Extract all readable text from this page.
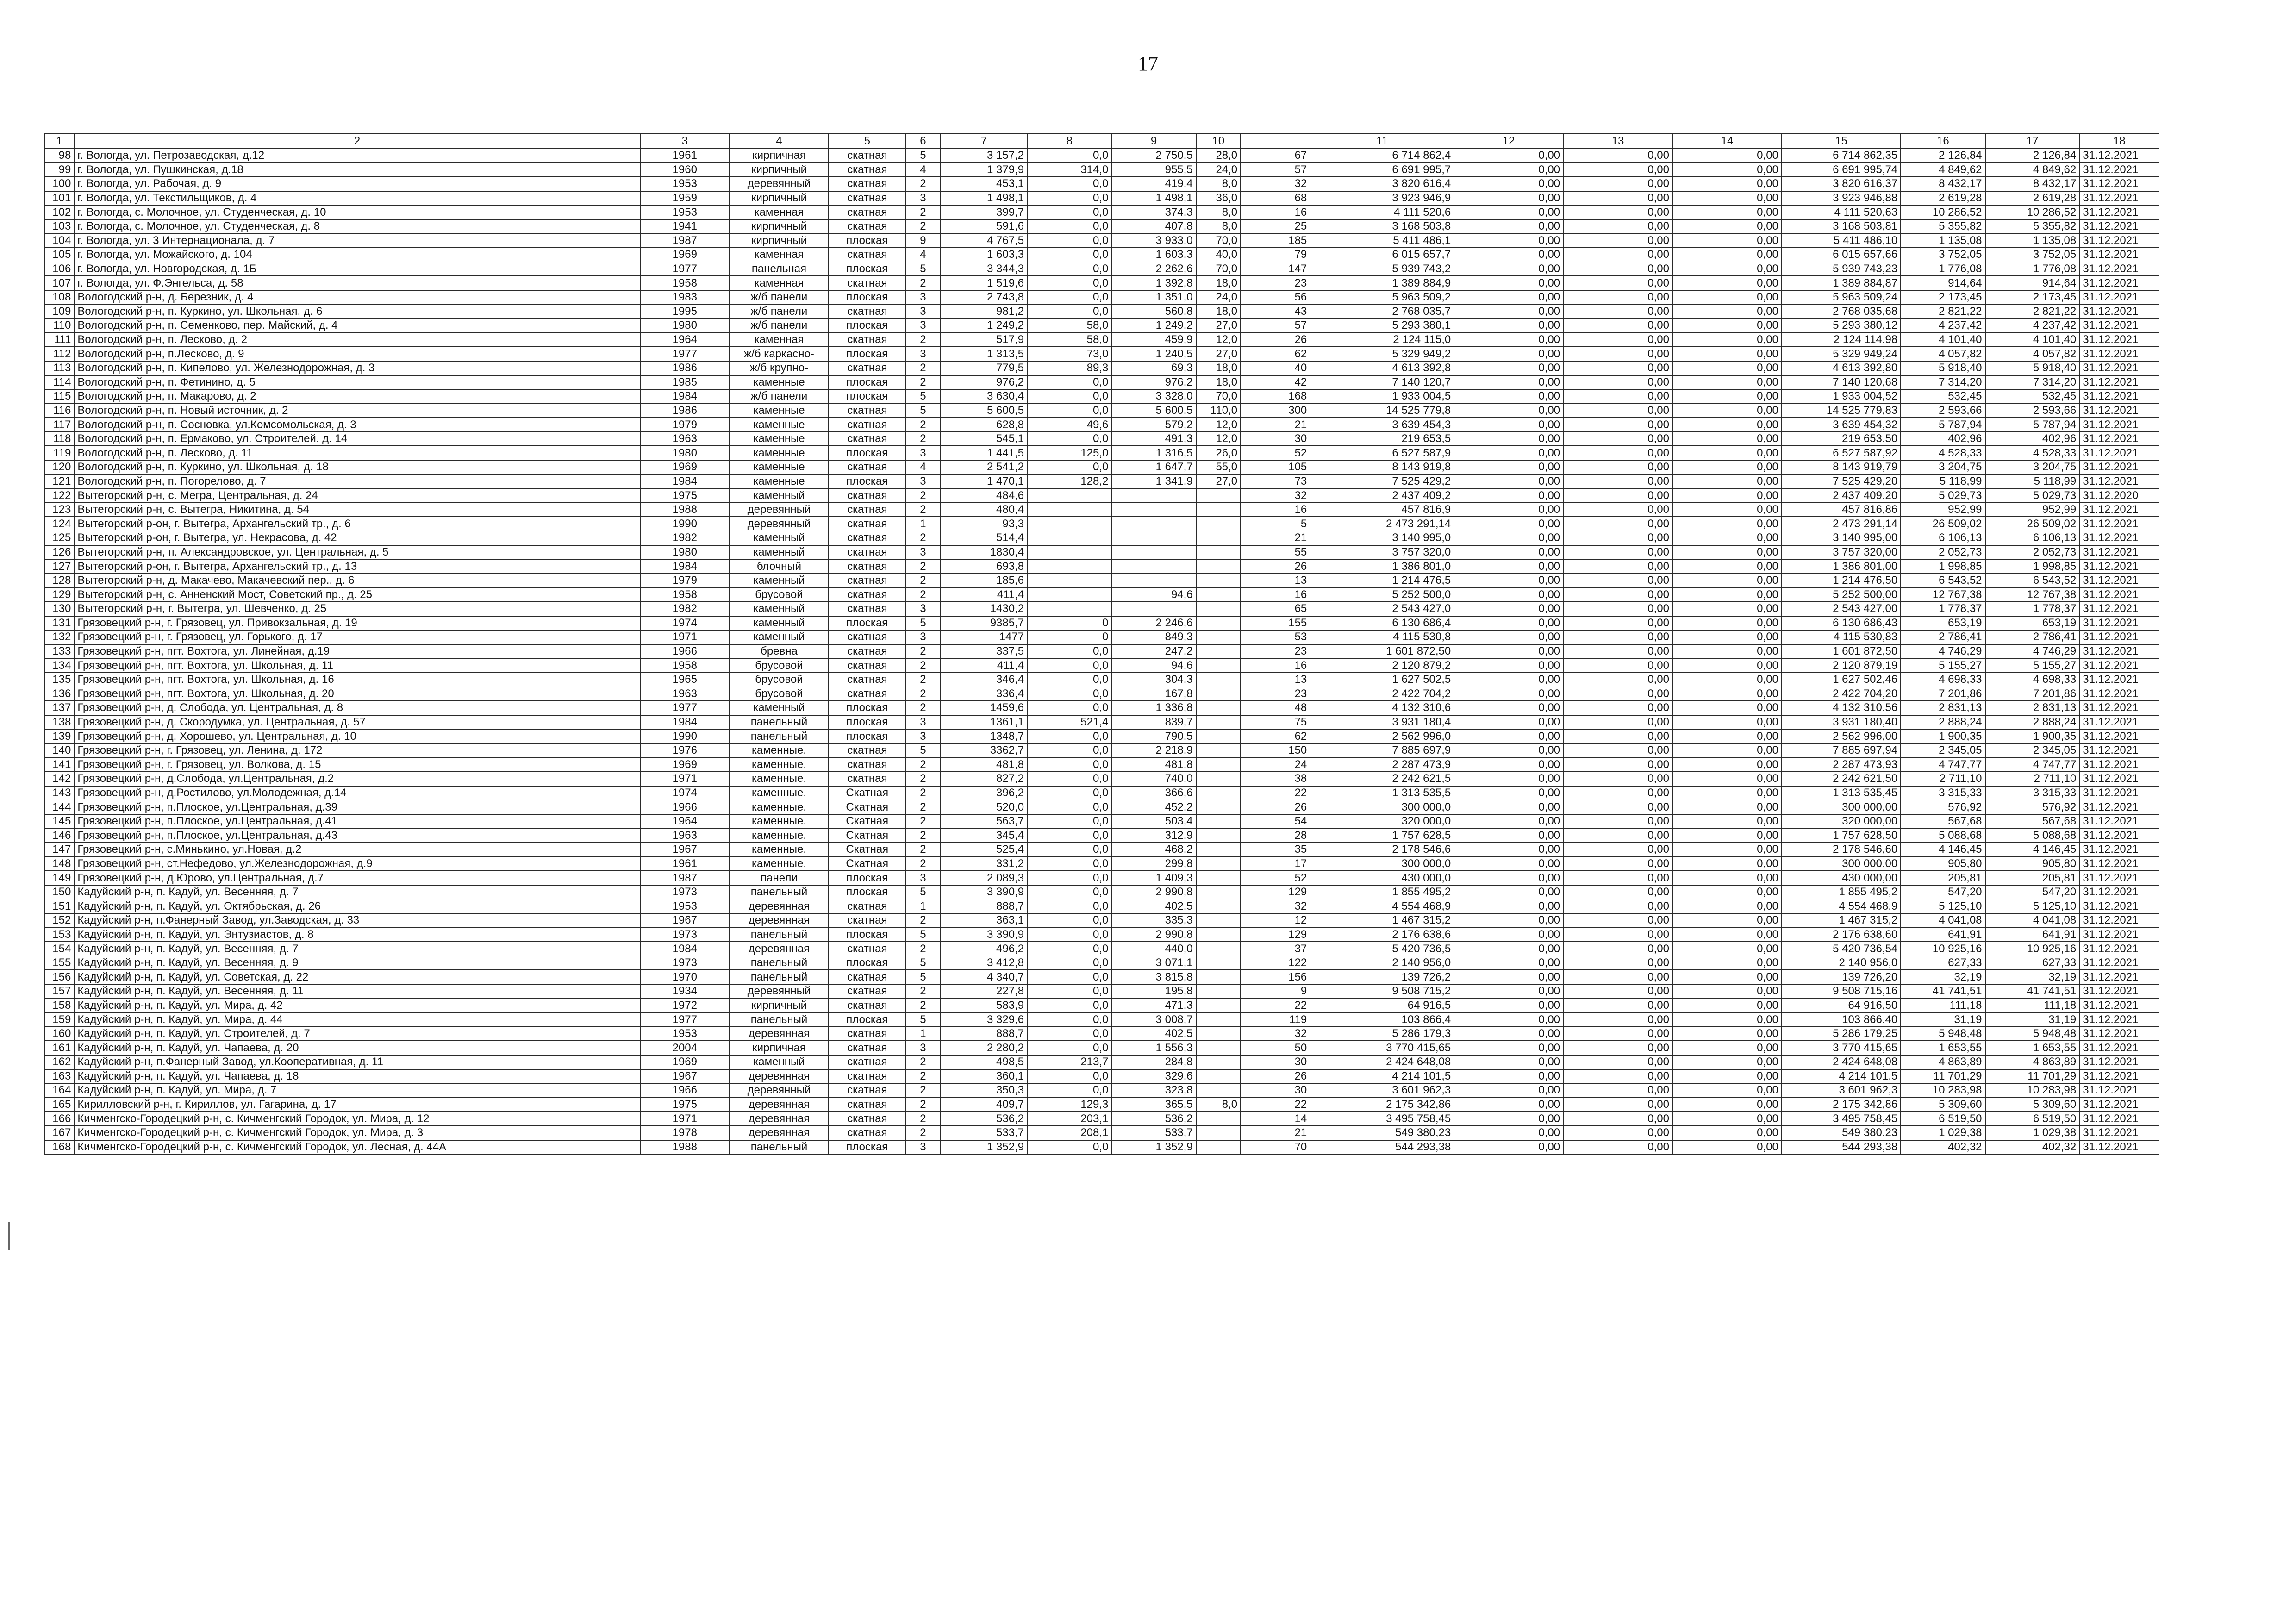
17
1	2	3	4	5	6	7	8	9	10		11	12	13	14	15	16	17	18
98	г. Вологда, ул. Петрозаводская, д.12	1961	кирпичная	скатная	5	3 157,2	0,0	2 750,5	28,0	67	6 714 862,4	0,00	0,00	0,00	6 714 862,35	2 126,84	2 126,84	31.12.2021
99	г. Вологда, ул. Пушкинская, д.18	1960	кирпичный	скатная	4	1 379,9	314,0	955,5	24,0	57	6 691 995,7	0,00	0,00	0,00	6 691 995,74	4 849,62	4 849,62	31.12.2021
100	г. Вологда, ул. Рабочая, д. 9	1953	деревянный	скатная	2	453,1	0,0	419,4	8,0	32	3 820 616,4	0,00	0,00	0,00	3 820 616,37	8 432,17	8 432,17	31.12.2021
101	г. Вологда, ул. Текстильщиков, д. 4	1959	кирпичный	скатная	3	1 498,1	0,0	1 498,1	36,0	68	3 923 946,9	0,00	0,00	0,00	3 923 946,88	2 619,28	2 619,28	31.12.2021
102	г. Вологда, с. Молочное, ул. Студенческая, д. 10	1953	каменная	скатная	2	399,7	0,0	374,3	8,0	16	4 111 520,6	0,00	0,00	0,00	4 111 520,63	10 286,52	10 286,52	31.12.2021
103	г. Вологда, с. Молочное, ул. Студенческая, д. 8	1941	кирпичный	скатная	2	591,6	0,0	407,8	8,0	25	3 168 503,8	0,00	0,00	0,00	3 168 503,81	5 355,82	5 355,82	31.12.2021
104	г. Вологда, ул. 3 Интернационала, д. 7	1987	кирпичный	плоская	9	4 767,5	0,0	3 933,0	70,0	185	5 411 486,1	0,00	0,00	0,00	5 411 486,10	1 135,08	1 135,08	31.12.2021
105	г. Вологда, ул. Можайского, д. 104	1969	каменная	скатная	4	1 603,3	0,0	1 603,3	40,0	79	6 015 657,7	0,00	0,00	0,00	6 015 657,66	3 752,05	3 752,05	31.12.2021
106	г. Вологда, ул. Новгородская, д. 1Б	1977	панельная	плоская	5	3 344,3	0,0	2 262,6	70,0	147	5 939 743,2	0,00	0,00	0,00	5 939 743,23	1 776,08	1 776,08	31.12.2021
107	г. Вологда, ул. Ф.Энгельса, д. 58	1958	каменная	скатная	2	1 519,6	0,0	1 392,8	18,0	23	1 389 884,9	0,00	0,00	0,00	1 389 884,87	914,64	914,64	31.12.2021
108	Вологодский р-н, д. Березник, д. 4	1983	ж/б панели	плоская	3	2 743,8	0,0	1 351,0	24,0	56	5 963 509,2	0,00	0,00	0,00	5 963 509,24	2 173,45	2 173,45	31.12.2021
109	Вологодский р-н, п. Куркино, ул. Школьная, д. 6	1995	ж/б панели	скатная	3	981,2	0,0	560,8	18,0	43	2 768 035,7	0,00	0,00	0,00	2 768 035,68	2 821,22	2 821,22	31.12.2021
110	Вологодский р-н, п. Семенково, пер. Майский, д. 4	1980	ж/б панели	плоская	3	1 249,2	58,0	1 249,2	27,0	57	5 293 380,1	0,00	0,00	0,00	5 293 380,12	4 237,42	4 237,42	31.12.2021
111	Вологодский р-н, п. Лесково, д. 2	1964	каменная	скатная	2	517,9	58,0	459,9	12,0	26	2 124 115,0	0,00	0,00	0,00	2 124 114,98	4 101,40	4 101,40	31.12.2021
112	Вологодский р-н, п.Лесково, д. 9	1977	ж/б каркасно-	плоская	3	1 313,5	73,0	1 240,5	27,0	62	5 329 949,2	0,00	0,00	0,00	5 329 949,24	4 057,82	4 057,82	31.12.2021
113	Вологодский р-н, п. Кипелово, ул. Железнодорожная, д. 3	1986	ж/б крупно-	скатная	2	779,5	89,3	69,3	18,0	40	4 613 392,8	0,00	0,00	0,00	4 613 392,80	5 918,40	5 918,40	31.12.2021
114	Вологодский р-н, п. Фетинино, д. 5	1985	каменные	плоская	2	976,2	0,0	976,2	18,0	42	7 140 120,7	0,00	0,00	0,00	7 140 120,68	7 314,20	7 314,20	31.12.2021
115	Вологодский р-н, п. Макарово, д. 2	1984	ж/б панели	плоская	5	3 630,4	0,0	3 328,0	70,0	168	1 933 004,5	0,00	0,00	0,00	1 933 004,52	532,45	532,45	31.12.2021
116	Вологодский р-н, п. Новый источник, д. 2	1986	каменные	скатная	5	5 600,5	0,0	5 600,5	110,0	300	14 525 779,8	0,00	0,00	0,00	14 525 779,83	2 593,66	2 593,66	31.12.2021
117	Вологодский р-н, п. Сосновка, ул.Комсомольская, д. 3	1979	каменные	скатная	2	628,8	49,6	579,2	12,0	21	3 639 454,3	0,00	0,00	0,00	3 639 454,32	5 787,94	5 787,94	31.12.2021
118	Вологодский р-н, п. Ермаково, ул. Строителей, д. 14	1963	каменные	скатная	2	545,1	0,0	491,3	12,0	30	219 653,5	0,00	0,00	0,00	219 653,50	402,96	402,96	31.12.2021
119	Вологодский р-н, п. Лесково, д. 11	1980	каменные	плоская	3	1 441,5	125,0	1 316,5	26,0	52	6 527 587,9	0,00	0,00	0,00	6 527 587,92	4 528,33	4 528,33	31.12.2021
120	Вологодский р-н, п. Куркино, ул. Школьная, д. 18	1969	каменные	скатная	4	2 541,2	0,0	1 647,7	55,0	105	8 143 919,8	0,00	0,00	0,00	8 143 919,79	3 204,75	3 204,75	31.12.2021
121	Вологодский р-н, п. Погорелово, д. 7	1984	каменные	плоская	3	1 470,1	128,2	1 341,9	27,0	73	7 525 429,2	0,00	0,00	0,00	7 525 429,20	5 118,99	5 118,99	31.12.2021
122	Вытегорский р-н, с. Мегра, Центральная, д. 24	1975	каменный	скатная	2	484,6				32	2 437 409,2	0,00	0,00	0,00	2 437 409,20	5 029,73	5 029,73	31.12.2020
123	Вытегорский р-н, с. Вытегра, Никитина, д. 54	1988	деревянный	скатная	2	480,4				16	457 816,9	0,00	0,00	0,00	457 816,86	952,99	952,99	31.12.2021
124	Вытегорский р-он, г. Вытегра, Архангельский тр., д. 6	1990	деревянный	скатная	1	93,3				5	2 473 291,14	0,00	0,00	0,00	2 473 291,14	26 509,02	26 509,02	31.12.2021
125	Вытегорский р-он, г. Вытегра, ул. Некрасова, д. 42	1982	каменный	скатная	2	514,4				21	3 140 995,0	0,00	0,00	0,00	3 140 995,00	6 106,13	6 106,13	31.12.2021
126	Вытегорский р-н, п. Александровское, ул. Центральная, д. 5	1980	каменный	скатная	3	1830,4				55	3 757 320,0	0,00	0,00	0,00	3 757 320,00	2 052,73	2 052,73	31.12.2021
127	Вытегорский р-он, г. Вытегра, Архангельский тр., д. 13	1984	блочный	скатная	2	693,8				26	1 386 801,0	0,00	0,00	0,00	1 386 801,00	1 998,85	1 998,85	31.12.2021
128	Вытегорский р-н, д. Макачево, Макачевский пер., д. 6	1979	каменный	скатная	2	185,6				13	1 214 476,5	0,00	0,00	0,00	1 214 476,50	6 543,52	6 543,52	31.12.2021
129	Вытегорский р-н, с. Анненский Мост, Советский пр., д. 25	1958	брусовой	скатная	2	411,4		94,6		16	5 252 500,0	0,00	0,00	0,00	5 252 500,00	12 767,38	12 767,38	31.12.2021
130	Вытегорский р-н, г. Вытегра, ул. Шевченко, д. 25	1982	каменный	скатная	3	1430,2				65	2 543 427,0	0,00	0,00	0,00	2 543 427,00	1 778,37	1 778,37	31.12.2021
131	Грязовецкий р-н, г. Грязовец, ул. Привокзальная, д. 19	1974	каменный	плоская	5	9385,7	0	2 246,6		155	6 130 686,4	0,00	0,00	0,00	6 130 686,43	653,19	653,19	31.12.2021
132	Грязовецкий р-н, г. Грязовец, ул. Горького, д. 17	1971	каменный	скатная	3	1477	0	849,3		53	4 115 530,8	0,00	0,00	0,00	4 115 530,83	2 786,41	2 786,41	31.12.2021
133	Грязовецкий р-н, пгт. Вохтога, ул. Линейная, д.19	1966	бревна	скатная	2	337,5	0,0	247,2		23	1 601 872,50	0,00	0,00	0,00	1 601 872,50	4 746,29	4 746,29	31.12.2021
134	Грязовецкий р-н, пгт. Вохтога, ул. Школьная, д. 11	1958	брусовой	скатная	2	411,4	0,0	94,6		16	2 120 879,2	0,00	0,00	0,00	2 120 879,19	5 155,27	5 155,27	31.12.2021
135	Грязовецкий р-н, пгт. Вохтога, ул. Школьная, д. 16	1965	брусовой	скатная	2	346,4	0,0	304,3		13	1 627 502,5	0,00	0,00	0,00	1 627 502,46	4 698,33	4 698,33	31.12.2021
136	Грязовецкий р-н, пгт. Вохтога, ул. Школьная, д. 20	1963	брусовой	скатная	2	336,4	0,0	167,8		23	2 422 704,2	0,00	0,00	0,00	2 422 704,20	7 201,86	7 201,86	31.12.2021
137	Грязовецкий р-н, д. Слобода, ул. Центральная, д. 8	1977	каменный	плоская	2	1459,6	0,0	1 336,8		48	4 132 310,6	0,00	0,00	0,00	4 132 310,56	2 831,13	2 831,13	31.12.2021
138	Грязовецкий р-н, д. Скородумка, ул. Центральная, д. 57	1984	панельный	плоская	3	1361,1	521,4	839,7		75	3 931 180,4	0,00	0,00	0,00	3 931 180,40	2 888,24	2 888,24	31.12.2021
139	Грязовецкий р-н, д. Хорошево, ул. Центральная, д. 10	1990	панельный	плоская	3	1348,7	0,0	790,5		62	2 562 996,0	0,00	0,00	0,00	2 562 996,00	1 900,35	1 900,35	31.12.2021
140	Грязовецкий р-н, г. Грязовец, ул. Ленина, д. 172	1976	каменные.	скатная	5	3362,7	0,0	2 218,9		150	7 885 697,9	0,00	0,00	0,00	7 885 697,94	2 345,05	2 345,05	31.12.2021
141	Грязовецкий р-н, г. Грязовец, ул. Волкова, д. 15	1969	каменные.	скатная	2	481,8	0,0	481,8		24	2 287 473,9	0,00	0,00	0,00	2 287 473,93	4 747,77	4 747,77	31.12.2021
142	Грязовецкий р-н, д.Слобода, ул.Центральная, д.2	1971	каменные.	скатная	2	827,2	0,0	740,0		38	2 242 621,5	0,00	0,00	0,00	2 242 621,50	2 711,10	2 711,10	31.12.2021
143	Грязовецкий р-н, д.Ростилово, ул.Молодежная, д.14	1974	каменные.	Скатная	2	396,2	0,0	366,6		22	1 313 535,5	0,00	0,00	0,00	1 313 535,45	3 315,33	3 315,33	31.12.2021
144	Грязовецкий р-н, п.Плоское, ул.Центральная, д.39	1966	каменные.	Скатная	2	520,0	0,0	452,2		26	300 000,0	0,00	0,00	0,00	300 000,00	576,92	576,92	31.12.2021
145	Грязовецкий р-н, п.Плоское, ул.Центральная, д.41	1964	каменные.	Скатная	2	563,7	0,0	503,4		54	320 000,0	0,00	0,00	0,00	320 000,00	567,68	567,68	31.12.2021
146	Грязовецкий р-н, п.Плоское, ул.Центральная, д.43	1963	каменные.	Скатная	2	345,4	0,0	312,9		28	1 757 628,5	0,00	0,00	0,00	1 757 628,50	5 088,68	5 088,68	31.12.2021
147	Грязовецкий р-н, с.Минькино, ул.Новая, д.2	1967	каменные.	Скатная	2	525,4	0,0	468,2		35	2 178 546,6	0,00	0,00	0,00	2 178 546,60	4 146,45	4 146,45	31.12.2021
148	Грязовецкий р-н, ст.Нефедово, ул.Железнодорожная, д.9	1961	каменные.	Скатная	2	331,2	0,0	299,8		17	300 000,0	0,00	0,00	0,00	300 000,00	905,80	905,80	31.12.2021
149	Грязовецкий р-н, д.Юрово, ул.Центральная, д.7	1987	панели	плоская	3	2 089,3	0,0	1 409,3		52	430 000,0	0,00	0,00	0,00	430 000,00	205,81	205,81	31.12.2021
150	Кадуйский р-н, п. Кадуй, ул. Весенняя, д. 7	1973	панельный	плоская	5	3 390,9	0,0	2 990,8		129	1 855 495,2	0,00	0,00	0,00	1 855 495,2	547,20	547,20	31.12.2021
151	Кадуйский р-н, п. Кадуй, ул. Октябрьская, д. 26	1953	деревянная	скатная	1	888,7	0,0	402,5		32	4 554 468,9	0,00	0,00	0,00	4 554 468,9	5 125,10	5 125,10	31.12.2021
152	Кадуйский р-н, п.Фанерный Завод, ул.Заводская, д. 33	1967	деревянная	скатная	2	363,1	0,0	335,3		12	1 467 315,2	0,00	0,00	0,00	1 467 315,2	4 041,08	4 041,08	31.12.2021
153	Кадуйский р-н, п. Кадуй, ул. Энтузиастов, д. 8	1973	панельный	плоская	5	3 390,9	0,0	2 990,8		129	2 176 638,6	0,00	0,00	0,00	2 176 638,60	641,91	641,91	31.12.2021
154	Кадуйский р-н, п. Кадуй, ул. Весенняя, д. 7	1984	деревянная	скатная	2	496,2	0,0	440,0		37	5 420 736,5	0,00	0,00	0,00	5 420 736,54	10 925,16	10 925,16	31.12.2021
155	Кадуйский р-н, п. Кадуй, ул. Весенняя, д. 9	1973	панельный	плоская	5	3 412,8	0,0	3 071,1		122	2 140 956,0	0,00	0,00	0,00	2 140 956,0	627,33	627,33	31.12.2021
156	Кадуйский р-н, п. Кадуй, ул. Советская, д. 22	1970	панельный	скатная	5	4 340,7	0,0	3 815,8		156	139 726,2	0,00	0,00	0,00	139 726,20	32,19	32,19	31.12.2021
157	Кадуйский р-н, п. Кадуй, ул. Весенняя, д. 11	1934	деревянный	скатная	2	227,8	0,0	195,8		9	9 508 715,2	0,00	0,00	0,00	9 508 715,16	41 741,51	41 741,51	31.12.2021
158	Кадуйский р-н, п. Кадуй, ул. Мира, д. 42	1972	кирпичный	скатная	2	583,9	0,0	471,3		22	64 916,5	0,00	0,00	0,00	64 916,50	111,18	111,18	31.12.2021
159	Кадуйский р-н, п. Кадуй, ул. Мира, д. 44	1977	панельный	плоская	5	3 329,6	0,0	3 008,7		119	103 866,4	0,00	0,00	0,00	103 866,40	31,19	31,19	31.12.2021
160	Кадуйский р-н, п. Кадуй, ул. Строителей, д. 7	1953	деревянная	скатная	1	888,7	0,0	402,5		32	5 286 179,3	0,00	0,00	0,00	5 286 179,25	5 948,48	5 948,48	31.12.2021
161	Кадуйский р-н, п. Кадуй, ул. Чапаева, д. 20	2004	кирпичная	скатная	3	2 280,2	0,0	1 556,3		50	3 770 415,65	0,00	0,00	0,00	3 770 415,65	1 653,55	1 653,55	31.12.2021
162	Кадуйский р-н, п.Фанерный Завод, ул.Кооперативная, д. 11	1969	каменный	скатная	2	498,5	213,7	284,8		30	2 424 648,08	0,00	0,00	0,00	2 424 648,08	4 863,89	4 863,89	31.12.2021
163	Кадуйский р-н, п. Кадуй, ул. Чапаева, д. 18	1967	деревянная	скатная	2	360,1	0,0	329,6		26	4 214 101,5	0,00	0,00	0,00	4 214 101,5	11 701,29	11 701,29	31.12.2021
164	Кадуйский р-н, п. Кадуй, ул. Мира, д. 7	1966	деревянный	скатная	2	350,3	0,0	323,8		30	3 601 962,3	0,00	0,00	0,00	3 601 962,3	10 283,98	10 283,98	31.12.2021
165	Кирилловский р-н, г. Кириллов, ул. Гагарина, д. 17	1975	деревянная	скатная	2	409,7	129,3	365,5	8,0	22	2 175 342,86	0,00	0,00	0,00	2 175 342,86	5 309,60	5 309,60	31.12.2021
166	Кичменгско-Городецкий р-н, с. Кичменгский Городок, ул. Мира, д. 12	1971	деревянная	скатная	2	536,2	203,1	536,2		14	3 495 758,45	0,00	0,00	0,00	3 495 758,45	6 519,50	6 519,50	31.12.2021
167	Кичменгско-Городецкий р-н, с. Кичменгский Городок, ул. Мира, д. 3	1978	деревянная	скатная	2	533,7	208,1	533,7		21	549 380,23	0,00	0,00	0,00	549 380,23	1 029,38	1 029,38	31.12.2021
168	Кичменгско-Городецкий р-н, с. Кичменгский Городок, ул. Лесная, д. 44А	1988	панельный	плоская	3	1 352,9	0,0	1 352,9		70	544 293,38	0,00	0,00	0,00	544 293,38	402,32	402,32	31.12.2021
